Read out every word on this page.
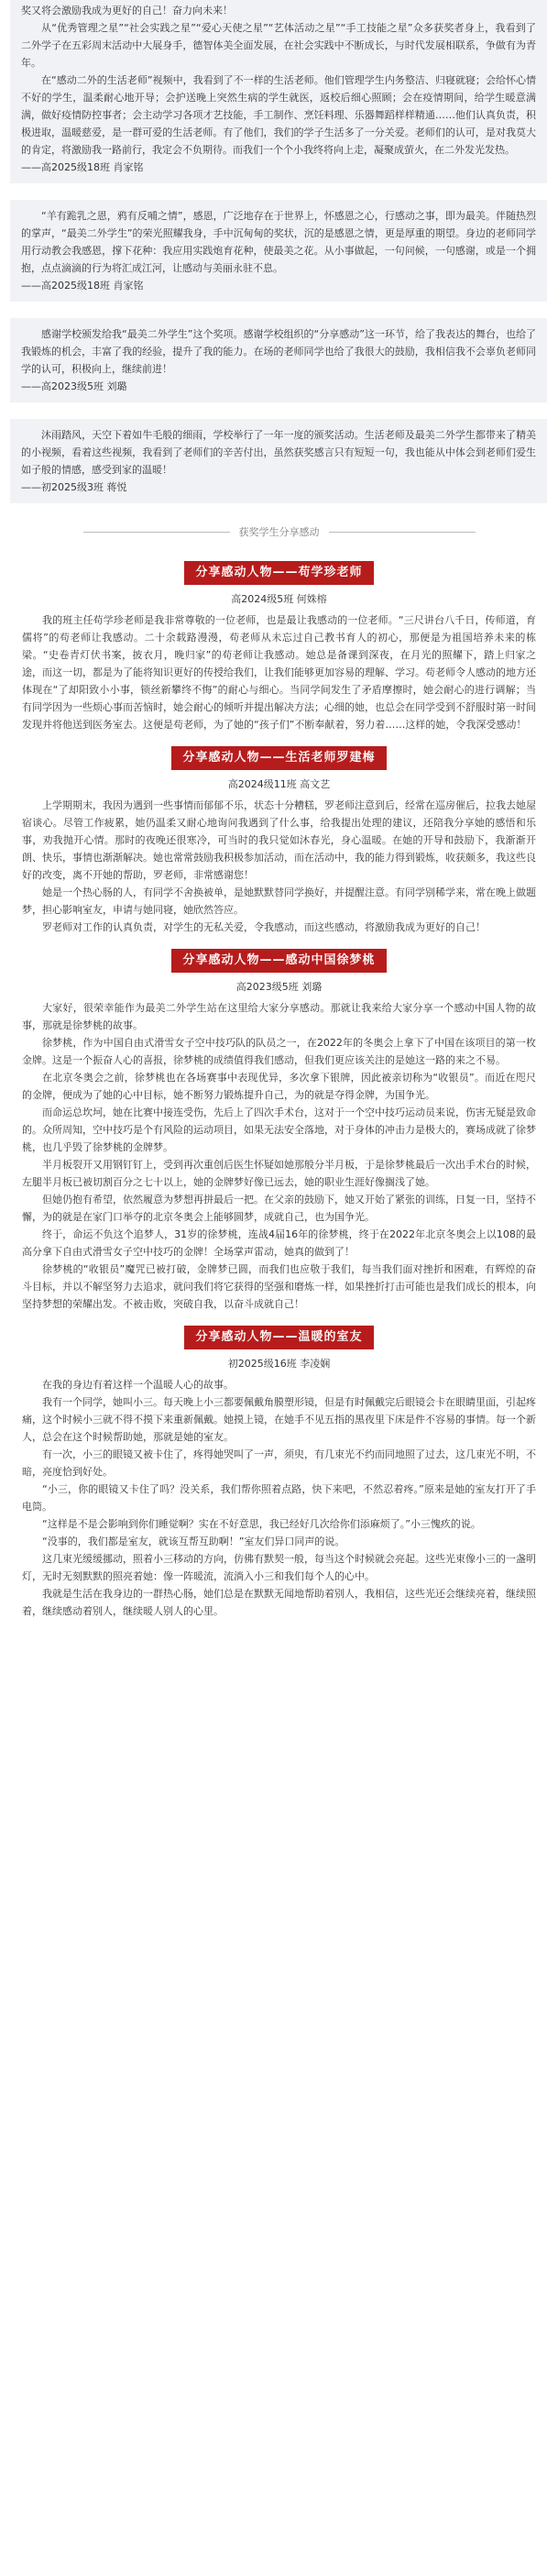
奖又将会激励我成为更好的自己！奋力向未来！

从“优秀管理之星”“社会实践之星”“爱心天使之星”“艺体活动之星”“手工技能之星”众多获奖者身上，我看到了二外学子在五彩周末活动中大展身手，德智体美全面发展，在社会实践中不断成长，与时代发展相联系，争做有为青年。

在“感动二外的生活老师”视频中，我看到了不一样的生活老师。他们管理学生内务整洁、归寝就寝；会给怀心情不好的学生，温柔耐心地开导；会护送晚上突然生病的学生就医，返校后细心照顾；会在疫情期间，给学生暖意满满，做好疫情防控事者；会主动学习各项才艺技能，手工制作、烹饪料理、乐器舞蹈样样精通……他们认真负责，积极进取，温暖慈爱，是一群可爱的生活老师。有了他们，我们的学子生活多了一分关爱。老师们的认可，是对我莫大的肯定，将激励我一路前行，我定会不负期待。而我们一个个小我终将向上走，凝聚成萤火，在二外发光发热。

——高2025级18班 肖家铭

“羊有跪乳之恩，鸦有反哺之情”，感恩，广泛地存在于世界上，怀感恩之心，行感动之事，即为最美。伴随热烈的掌声，“最美二外学生”的荣光照耀我身，手中沉甸甸的奖状，沉的是感恩之情，更是厚重的期望。身边的老师同学用行动教会我感恩，撑下花种：我应用实践炮育花种，使最美之花。从小事做起，一句问候，一句感谢，或是一个拥抱，点点滴滴的行为将汇成江河，让感动与美丽永驻不息。

——高2025级18班 肖家铭

感谢学校颁发给我“最美二外学生”这个奖项。感谢学校组织的“分享感动”这一环节，给了我表达的舞台，也给了我锻炼的机会，丰富了我的经验，提升了我的能力。在场的老师同学也给了我很大的鼓励，我相信我不会辜负老师同学的认可，积极向上，继续前进！

——高2023级5班 刘璐

沐雨踏风，天空下着如牛毛般的细雨，学校举行了一年一度的颁奖活动。生活老师及最美二外学生都带来了精美的小视频，看着这些视频，我看到了老师们的辛苦付出，虽然获奖感言只有短短一句，我也能从中体会到老师们爱生如子般的情感，感受到家的温暖！

——初2025级3班 蒋悦

获奖学生分享感动
分享感动人物——苟学珍老师
高2024级5班 何姝榕

我的班主任苟学珍老师是我非常尊敬的一位老师，也是最让我感动的一位老师。“三尺讲台八千日，传师道，育儒将”的苟老师让我感动。二十余载路漫漫，苟老师从未忘过自己教书育人的初心，那便是为祖国培养未来的栋梁。“史卷青灯伏书案，披衣月，晚归家”的苟老师让我感动。她总是备课到深夜，在月光的照耀下，踏上归家之途，而这一切，都是为了能将知识更好的传授给我们，让我们能够更加容易的理解、学习。苟老师令人感动的地方还体现在“了却阳致小小事，锁丝新攀终不悔”的耐心与细心。当同学间发生了矛盾摩擦时，她会耐心的进行调解；当有同学因为一些烦心事而苦恼时，她会耐心的倾听并提出解决方法；心细的她，也总会在同学受到不舒服时第一时间发现并将他送到医务室去。这便是苟老师，为了她的“孩子们”不断奉献着，努力着……这样的她，令我深受感动！

分享感动人物——生活老师罗建梅
高2024级11班 高文艺

上学期期末，我因为遇到一些事情而郁郁不乐，状态十分糟糕，罗老师注意到后，经常在巡房催后，拉我去她屋宿谈心。尽管工作疲累，她仍温柔又耐心地询问我遇到了什么事，给我提出处理的建议，还陪我分享她的感悟和乐事，劝我抛开心情。那时的夜晚还很寒冷，可当时的我只觉如沐春光，身心温暖。在她的开导和鼓励下，我渐渐开朗、快乐，事情也渐渐解决。她也常常鼓励我积极参加活动，而在活动中，我的能力得到锻炼，收获颇多，我这些良好的改变，离不开她的帮助，罗老师，非常感谢您！

她是一个热心肠的人，有同学不舍换被单，是她默默替同学换好，并提醒注意。有同学别稀学来，常在晚上做题梦，担心影响室友，申请与她同寝，她欣然答应。

罗老师对工作的认真负责，对学生的无私关爱，令我感动，而这些感动，将激励我成为更好的自己！

分享感动人物——感动中国徐梦桃
高2023级5班 刘璐

大家好，很荣幸能作为最美二外学生站在这里给大家分享感动。那就让我来给大家分享一个感动中国人物的故事，那就是徐梦桃的故事。

徐梦桃，作为中国自由式滑雪女子空中技巧队的队员之一，在2022年的冬奥会上拿下了中国在该项目的第一枚金牌。这是一个振奋人心的喜报，徐梦桃的成绩值得我们感动，但我们更应该关注的是她这一路的来之不易。

在北京冬奥会之前，徐梦桃也在各场赛事中表现优异，多次拿下银牌，因此被亲切称为“收银员”。而近在咫尺的金牌，便成为了她的心中目标，她不断努力锻炼提升自己，为的就是夺得金牌，为国争光。

而命运总坎坷，她在比赛中接连受伤，先后上了四次手术台，这对于一个空中技巧运动员来说，伤害无疑是致命的。众所周知，空中技巧是个有风险的运动项目，如果无法安全落地，对于身体的冲击力是极大的，赛场成就了徐梦桃，也几乎毁了徐梦桃的金牌梦。

半月板裂开又用钢钉钉上，受到再次重创后医生怀疑如她那般分半月板，于是徐梦桃最后一次出手术台的时候，左腿半月板已被切割百分之七十以上，她的金牌梦好像已远去，她的职业生涯好像搁浅了她。

但她仍抱有希望，依然履意为梦想再拼最后一把。在父亲的鼓励下，她又开始了紧张的训练，日复一日，坚持不懈，为的就是在家门口举夺的北京冬奥会上能够圆梦，成就自己，也为国争光。

终于，命运不负这个追梦人，31岁的徐梦桃，连战4届16年的徐梦桃，终于在2022年北京冬奥会上以108的最高分拿下自由式滑雪女子空中技巧的金牌！全场掌声雷动，她真的做到了！

徐梦桃的“收银员”魔咒已被打破，金牌梦已圆，而我们也应敬于我们，每当我们面对挫折和困难，有辉煌的奋斗目标，并以不解坚努力去追求，就问我们将它获得的坚强和磨炼一样，如果挫折打击可能也是我们成长的根本，向坚持梦想的荣耀出发。不被击败，突破自我，以奋斗成就自己！

分享感动人物——温暖的室友
初2025级16班 李凌娴

在我的身边有着这样一个温暖人心的故事。

我有一个同学，她叫小三。每天晚上小三都要佩戴角膜塑形镜，但是有时佩戴完后眼镜会卡在眼睛里面，引起疼痛，这个时候小三就不得不摸下来重新佩戴。她摸上镜，在她手不见五指的黑夜里下床是件不容易的事情。每一个新人，总会在这个时候帮助她，那就是她的室友。

有一次，小三的眼镜又被卡住了，疼得她哭叫了一声，须臾，有几束光不约而同地照了过去，这几束光不明，不暗，亮度恰到好处。

“小三，你的眼镜又卡住了吗？没关系，我们帮你照着点路，快下来吧，不然忍着疼。”原来是她的室友打开了手电筒。

“这样是不是会影响到你们睡觉啊？实在不好意思，我已经好几次给你们添麻烦了。”小三愧疚的说。

“没事的，我们都是室友，就该互帮互助啊！”室友们异口同声的说。

这几束光缓缓挪动，照着小三移动的方向，仿佛有默契一般，每当这个时候就会亮起。这些光束像小三的一盏明灯，无时无刻默默的照亮着她：像一阵暖流，流淌入小三和我们每个人的心中。

我就是生活在我身边的一群热心肠，她们总是在默默无闻地帮助着别人，我相信，这些光还会继续亮着，继续照着，继续感动着别人，继续暖人别人的心里。
